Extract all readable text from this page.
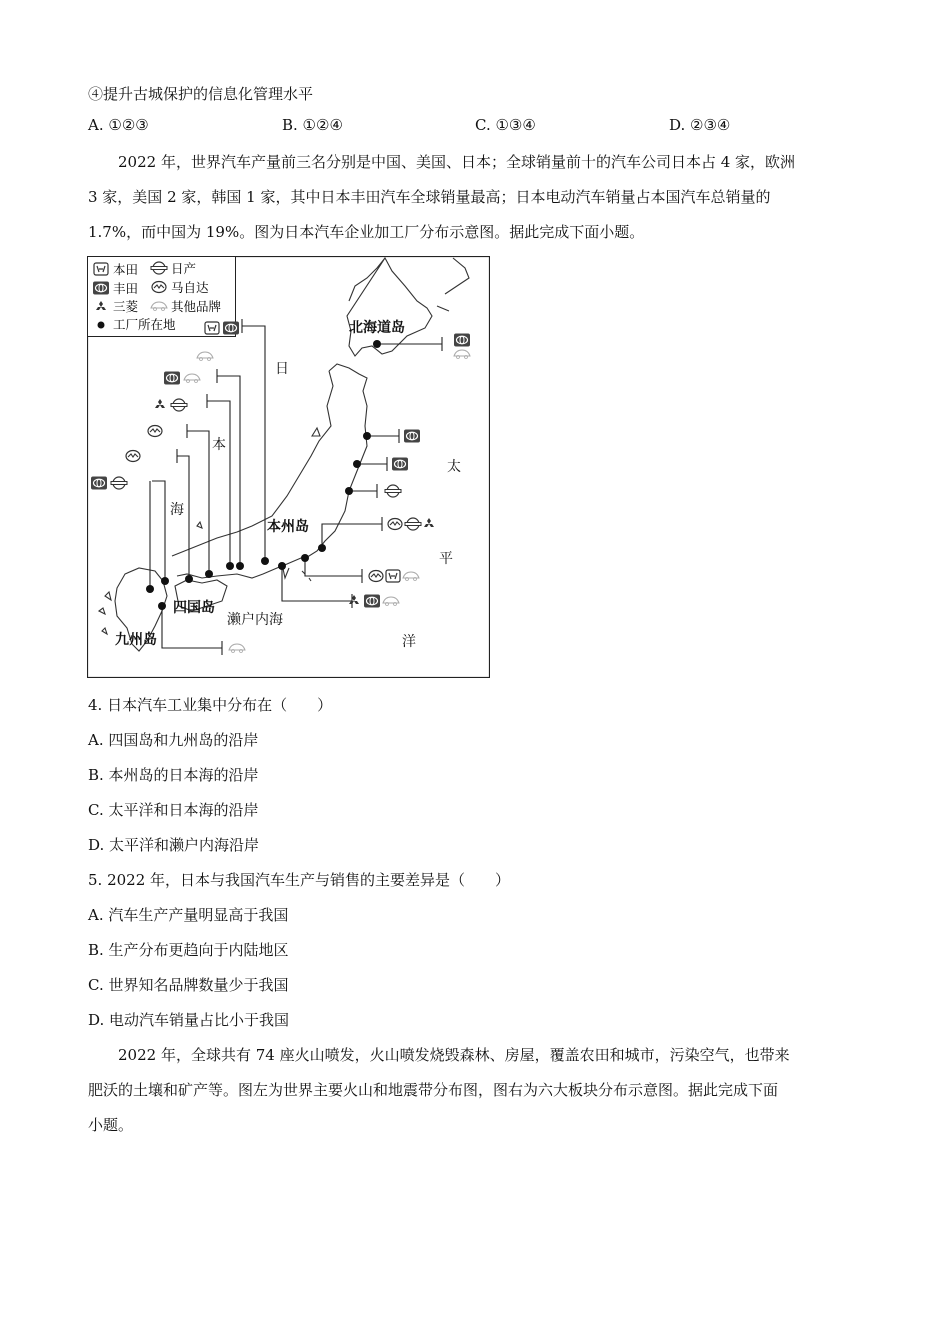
④提升古城保护的信息化管理水平
A. ①②③	B. ①②④	C. ①③④	D. ②③④
2022 年，世界汽车产量前三名分别是中国、美国、日本；全球销量前十的汽车公司日本占 4 家，欧洲
3 家，美国 2 家，韩国 1 家，其中日本丰田汽车全球销量最高；日本电动汽车销量占本国汽车总销量的
1.7%，而中国为 19%。图为日本汽车企业加工厂分布示意图。据此完成下面小题。
本田	日产
丰田	马自达
三菱	其他品牌
工厂所在地	北海道岛
本州岛
四国岛
九州岛
濑户内海
日
本
海
太
平
洋
4. 日本汽车工业集中分布在（　　）
A. 四国岛和九州岛的沿岸
B. 本州岛的日本海的沿岸
C. 太平洋和日本海的沿岸
D. 太平洋和濑户内海沿岸
5. 2022 年，日本与我国汽车生产与销售的主要差异是（　　）
A. 汽车生产产量明显高于我国
B. 生产分布更趋向于内陆地区
C. 世界知名品牌数量少于我国
D. 电动汽车销量占比小于我国
2022 年，全球共有 74 座火山喷发，火山喷发烧毁森林、房屋，覆盖农田和城市，污染空气，也带来
肥沃的土壤和矿产等。图左为世界主要火山和地震带分布图，图右为六大板块分布示意图。据此完成下面
小题。
